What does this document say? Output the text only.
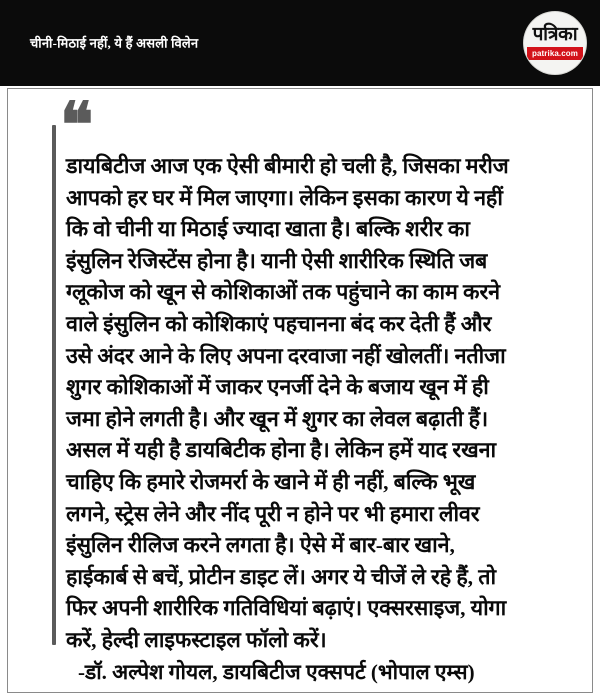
चीनी-मिठाई नहीं, ये हैं असली विलेन	पत्रिका
patrika.com
❝
डायबिटीज आज एक ऐसी बीमारी हो चली है, जिसका मरीज
आपको हर घर में मिल जाएगा। लेकिन इसका कारण ये नहीं
कि वो चीनी या मिठाई ज्यादा खाता है। बल्कि शरीर का
इंसुलिन रेजिस्टेंस होना है। यानी ऐसी शारीरिक स्थिति जब
ग्लूकोज को खून से कोशिकाओं तक पहुंचाने का काम करने
वाले इंसुलिन को कोशिकाएं पहचानना बंद कर देती हैं और
उसे अंदर आने के लिए अपना दरवाजा नहीं खोलतीं। नतीजा
शुगर कोशिकाओं में जाकर एनर्जी देने के बजाय खून में ही
जमा होने लगती है। और खून में शुगर का लेवल बढ़ाती हैं।
असल में यही है डायबिटीक होना है। लेकिन हमें याद रखना
चाहिए कि हमारे रोजमर्रा के खाने में ही नहीं, बल्कि भूख
लगने, स्ट्रेस लेने और नींद पूरी न होने पर भी हमारा लीवर
इंसुलिन रीलिज करने लगता है। ऐसे में बार-बार खाने,
हाईकार्ब से बचें, प्रोटीन डाइट लें। अगर ये चीजें ले रहे हैं, तो
फिर अपनी शारीरिक गतिविधियां बढ़ाएं। एक्सरसाइज, योगा
करें, हेल्दी लाइफस्टाइल फॉलो करें।
-डॉ. अल्पेश गोयल, डायबिटीज एक्सपर्ट (भोपाल एम्स)
